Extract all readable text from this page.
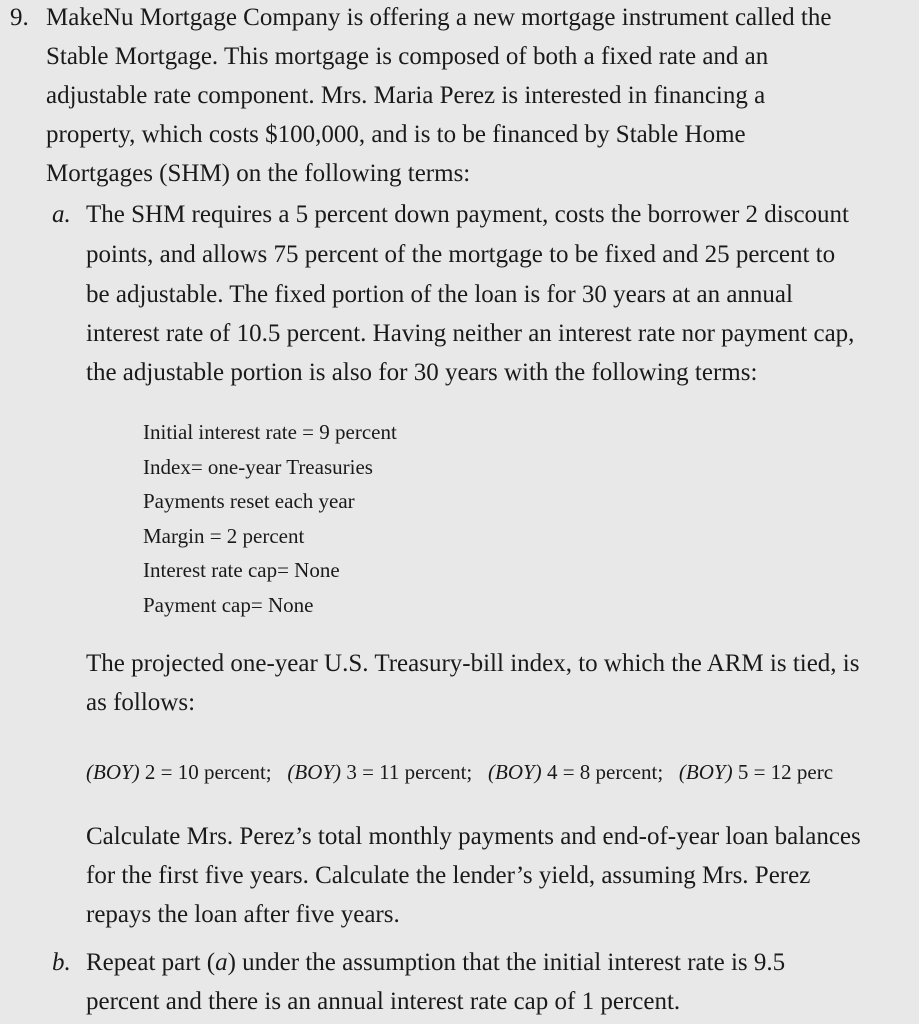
9. MakeNu Mortgage Company is offering a new mortgage instrument called the
Stable Mortgage. This mortgage is composed of both a fixed rate and an
adjustable rate component. Mrs. Maria Perez is interested in financing a
property, which costs $100,000, and is to be financed by Stable Home
Mortgages (SHM) on the following terms:
a. The SHM requires a 5 percent down payment, costs the borrower 2 discount
points, and allows 75 percent of the mortgage to be fixed and 25 percent to
be adjustable. The fixed portion of the loan is for 30 years at an annual
interest rate of 10.5 percent. Having neither an interest rate nor payment cap,
the adjustable portion is also for 30 years with the following terms:
Initial interest rate = 9 percent
Index= one-year Treasuries
Payments reset each year
Margin = 2 percent
Interest rate cap= None
Payment cap= None
The projected one-year U.S. Treasury-bill index, to which the ARM is tied, is
as follows:
(BOY) 2 = 10 percent; (BOY) 3 = 11 percent; (BOY) 4 = 8 percent; (BOY) 5 = 12 perc
Calculate Mrs. Perez’s total monthly payments and end-of-year loan balances
for the first five years. Calculate the lender’s yield, assuming Mrs. Perez
repays the loan after five years.
b. Repeat part (a) under the assumption that the initial interest rate is 9.5
percent and there is an annual interest rate cap of 1 percent.
